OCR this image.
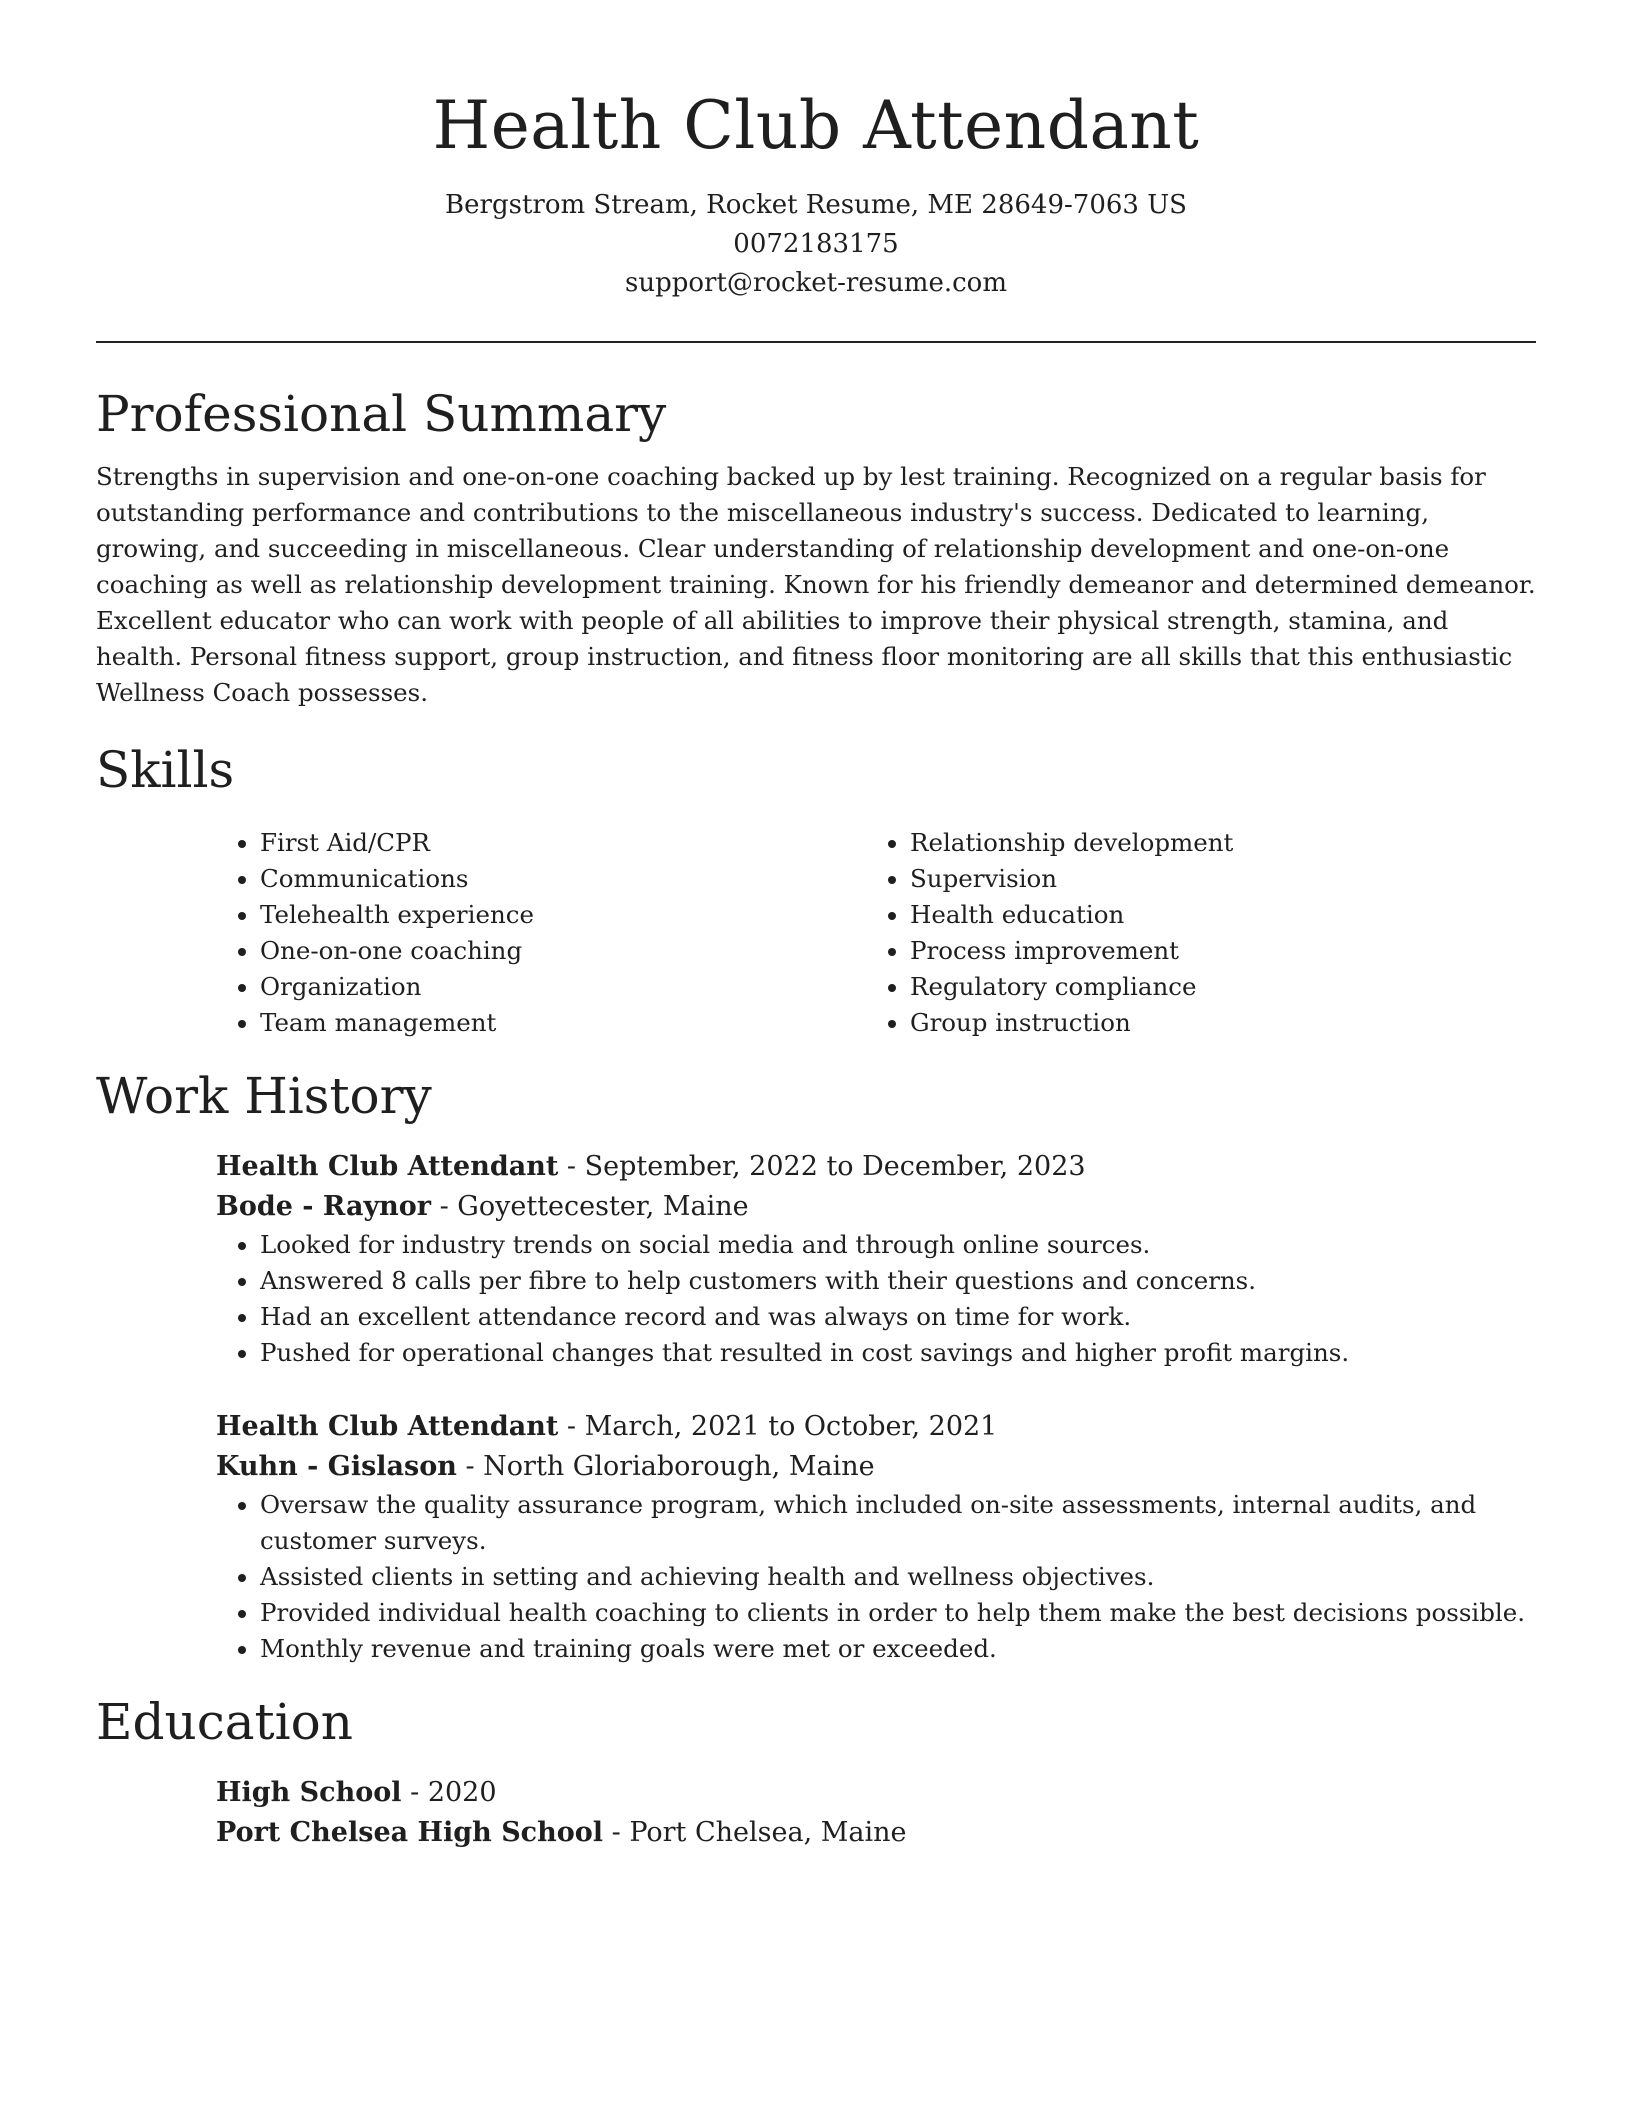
Health Club Attendant

Bergstrom Stream, Rocket Resume, ME 28649-7063 US

0072183175

support@rocket-resume.com

Professional Summary

Strengths in supervision and one-on-one coaching backed up by lest training. Recognized on a regular basis for outstanding performance and contributions to the miscellaneous industry's success. Dedicated to learning, growing, and succeeding in miscellaneous. Clear understanding of relationship development and one-on-one coaching as well as relationship development training. Known for his friendly demeanor and determined demeanor. Excellent educator who can work with people of all abilities to improve their physical strength, stamina, and health. Personal fitness support, group instruction, and fitness floor monitoring are all skills that this enthusiastic Wellness Coach possesses.

Skills
• First Aid/CPR
• Communications
• Telehealth experience
• One-on-one coaching
• Organization
• Team management
• Relationship development
• Supervision
• Health education
• Process improvement
• Regulatory compliance
• Group instruction
Work History

Health Club Attendant - September, 2022 to December, 2023

Bode - Raynor - Goyettecester, Maine

• Looked for industry trends on social media and through online sources.
• Answered 8 calls per fibre to help customers with their questions and concerns.
• Had an excellent attendance record and was always on time for work.
• Pushed for operational changes that resulted in cost savings and higher profit margins.

Health Club Attendant - March, 2021 to October, 2021

Kuhn - Gislason - North Gloriaborough, Maine

• Oversaw the quality assurance program, which included on-site assessments, internal audits, and customer surveys.
• Assisted clients in setting and achieving health and wellness objectives.
• Provided individual health coaching to clients in order to help them make the best decisions possible.
• Monthly revenue and training goals were met or exceeded.
Education

High School - 2020

Port Chelsea High School - Port Chelsea, Maine
